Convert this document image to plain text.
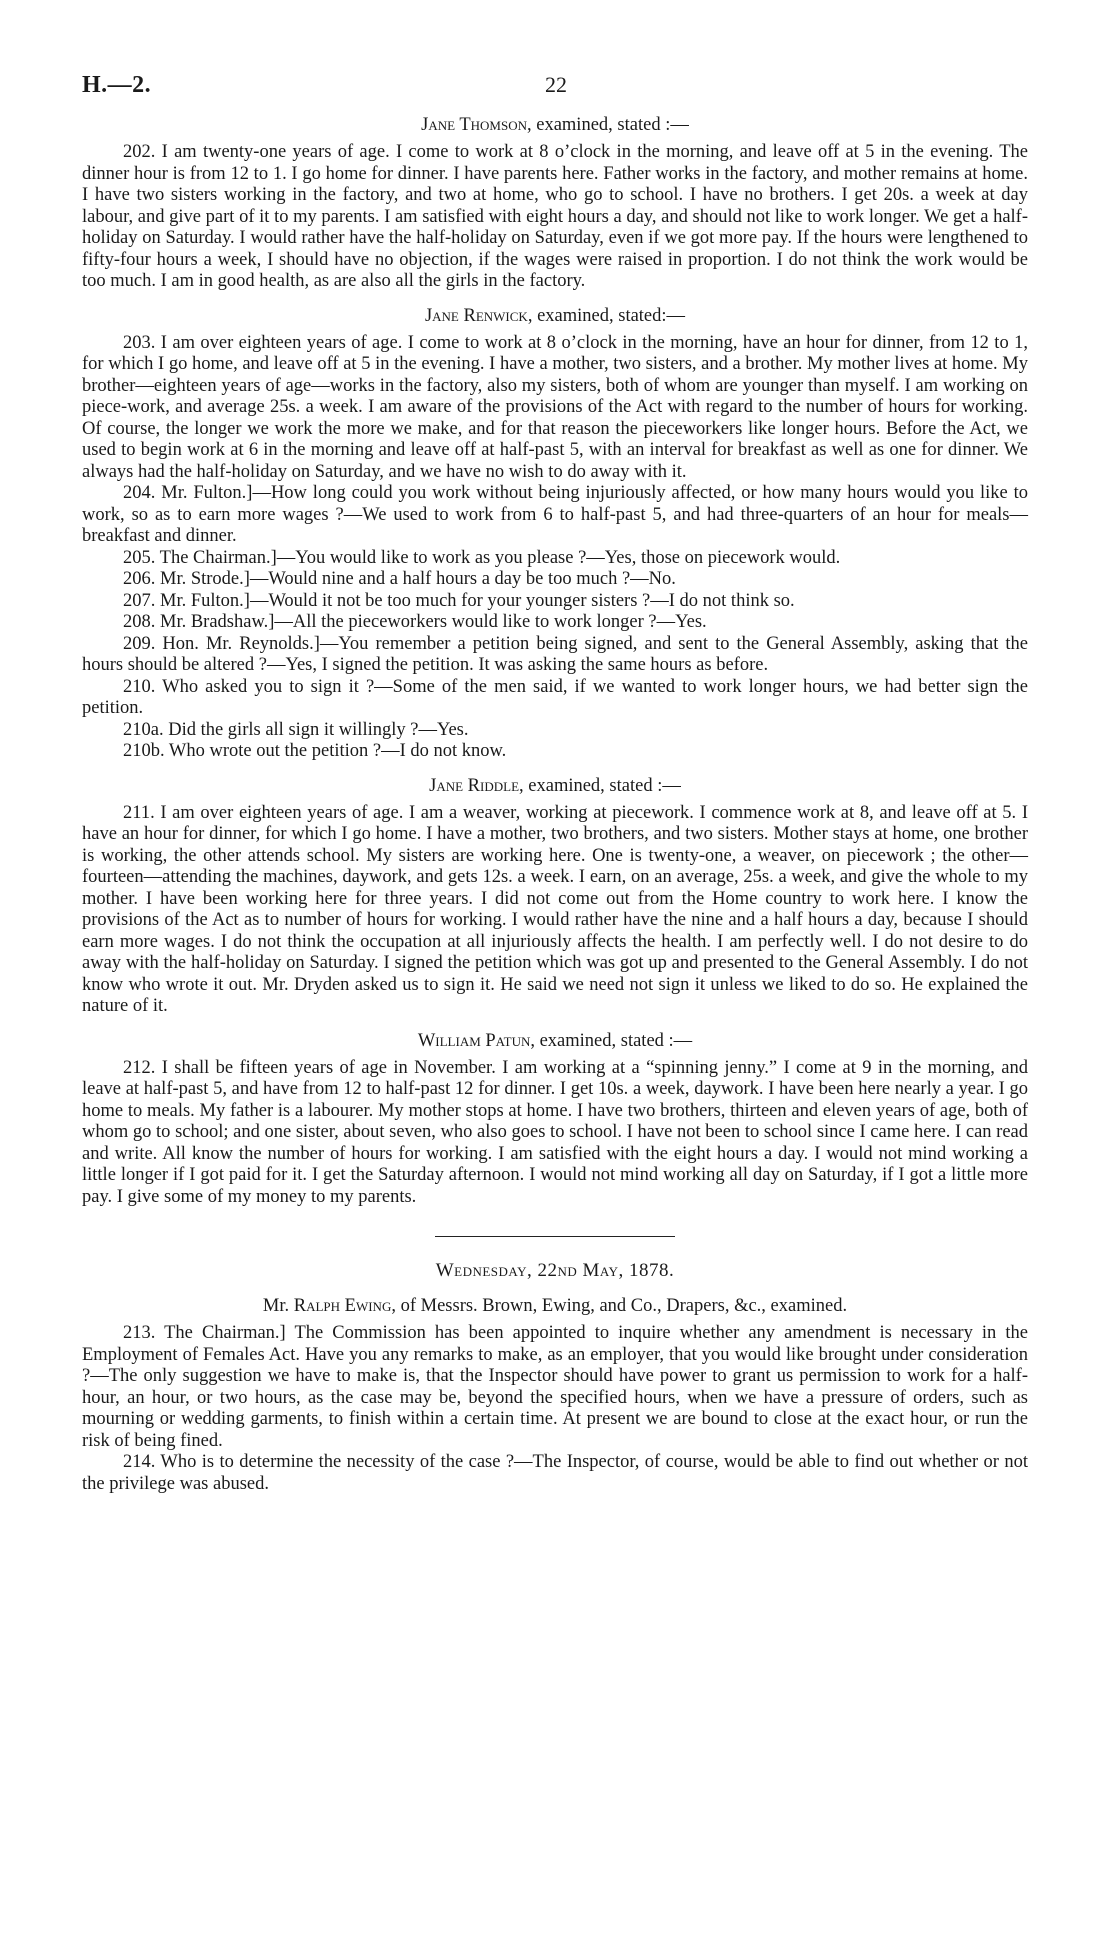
H.—2.	22
Jane Thomson, examined, stated :—

202. I am twenty-one years of age. I come to work at 8 o’clock in the morning, and leave off at 5 in the evening. The dinner hour is from 12 to 1. I go home for dinner. I have parents here. Father works in the factory, and mother remains at home. I have two sisters working in the factory, and two at home, who go to school. I have no brothers. I get 20s. a week at day labour, and give part of it to my parents. I am satisfied with eight hours a day, and should not like to work longer. We get a half-holiday on Saturday. I would rather have the half-holiday on Saturday, even if we got more pay. If the hours were lengthened to fifty-four hours a week, I should have no objection, if the wages were raised in proportion. I do not think the work would be too much. I am in good health, as are also all the girls in the factory.

Jane Renwick, examined, stated:—

203. I am over eighteen years of age. I come to work at 8 o’clock in the morning, have an hour for dinner, from 12 to 1, for which I go home, and leave off at 5 in the evening. I have a mother, two sisters, and a brother. My mother lives at home. My brother—eighteen years of age—works in the factory, also my sisters, both of whom are younger than myself. I am working on piece-work, and average 25s. a week. I am aware of the provisions of the Act with regard to the number of hours for working. Of course, the longer we work the more we make, and for that reason the pieceworkers like longer hours. Before the Act, we used to begin work at 6 in the morning and leave off at half-past 5, with an interval for breakfast as well as one for dinner. We always had the half-holiday on Saturday, and we have no wish to do away with it.

204. Mr. Fulton.]—How long could you work without being injuriously affected, or how many hours would you like to work, so as to earn more wages ?—We used to work from 6 to half-past 5, and had three-quarters of an hour for meals—breakfast and dinner.

205. The Chairman.]—You would like to work as you please ?—Yes, those on piecework would.

206. Mr. Strode.]—Would nine and a half hours a day be too much ?—No.

207. Mr. Fulton.]—Would it not be too much for your younger sisters ?—I do not think so.

208. Mr. Bradshaw.]—All the pieceworkers would like to work longer ?—Yes.

209. Hon. Mr. Reynolds.]—You remember a petition being signed, and sent to the General Assembly, asking that the hours should be altered ?—Yes, I signed the petition. It was asking the same hours as before.

210. Who asked you to sign it ?—Some of the men said, if we wanted to work longer hours, we had better sign the petition.

210a. Did the girls all sign it willingly ?—Yes.

210b. Who wrote out the petition ?—I do not know.

Jane Riddle, examined, stated :—

211. I am over eighteen years of age. I am a weaver, working at piecework. I commence work at 8, and leave off at 5. I have an hour for dinner, for which I go home. I have a mother, two brothers, and two sisters. Mother stays at home, one brother is working, the other attends school. My sisters are working here. One is twenty-one, a weaver, on piecework ; the other—fourteen—attending the machines, daywork, and gets 12s. a week. I earn, on an average, 25s. a week, and give the whole to my mother. I have been working here for three years. I did not come out from the Home country to work here. I know the provisions of the Act as to number of hours for working. I would rather have the nine and a half hours a day, because I should earn more wages. I do not think the occupation at all injuriously affects the health. I am perfectly well. I do not desire to do away with the half-holiday on Saturday. I signed the petition which was got up and presented to the General Assembly. I do not know who wrote it out. Mr. Dryden asked us to sign it. He said we need not sign it unless we liked to do so. He explained the nature of it.

William Patun, examined, stated :—

212. I shall be fifteen years of age in November. I am working at a “spinning jenny.” I come at 9 in the morning, and leave at half-past 5, and have from 12 to half-past 12 for dinner. I get 10s. a week, daywork. I have been here nearly a year. I go home to meals. My father is a labourer. My mother stops at home. I have two brothers, thirteen and eleven years of age, both of whom go to school; and one sister, about seven, who also goes to school. I have not been to school since I came here. I can read and write. All know the number of hours for working. I am satisfied with the eight hours a day. I would not mind working a little longer if I got paid for it. I get the Saturday afternoon. I would not mind working all day on Saturday, if I got a little more pay. I give some of my money to my parents.

Wednesday, 22nd May, 1878.
Mr. Ralph Ewing, of Messrs. Brown, Ewing, and Co., Drapers, &c., examined.

213. The Chairman.] The Commission has been appointed to inquire whether any amendment is necessary in the Employment of Females Act. Have you any remarks to make, as an employer, that you would like brought under consideration ?—The only suggestion we have to make is, that the Inspector should have power to grant us permission to work for a half-hour, an hour, or two hours, as the case may be, beyond the specified hours, when we have a pressure of orders, such as mourning or wedding garments, to finish within a certain time. At present we are bound to close at the exact hour, or run the risk of being fined.

214. Who is to determine the necessity of the case ?—The Inspector, of course, would be able to find out whether or not the privilege was abused.
